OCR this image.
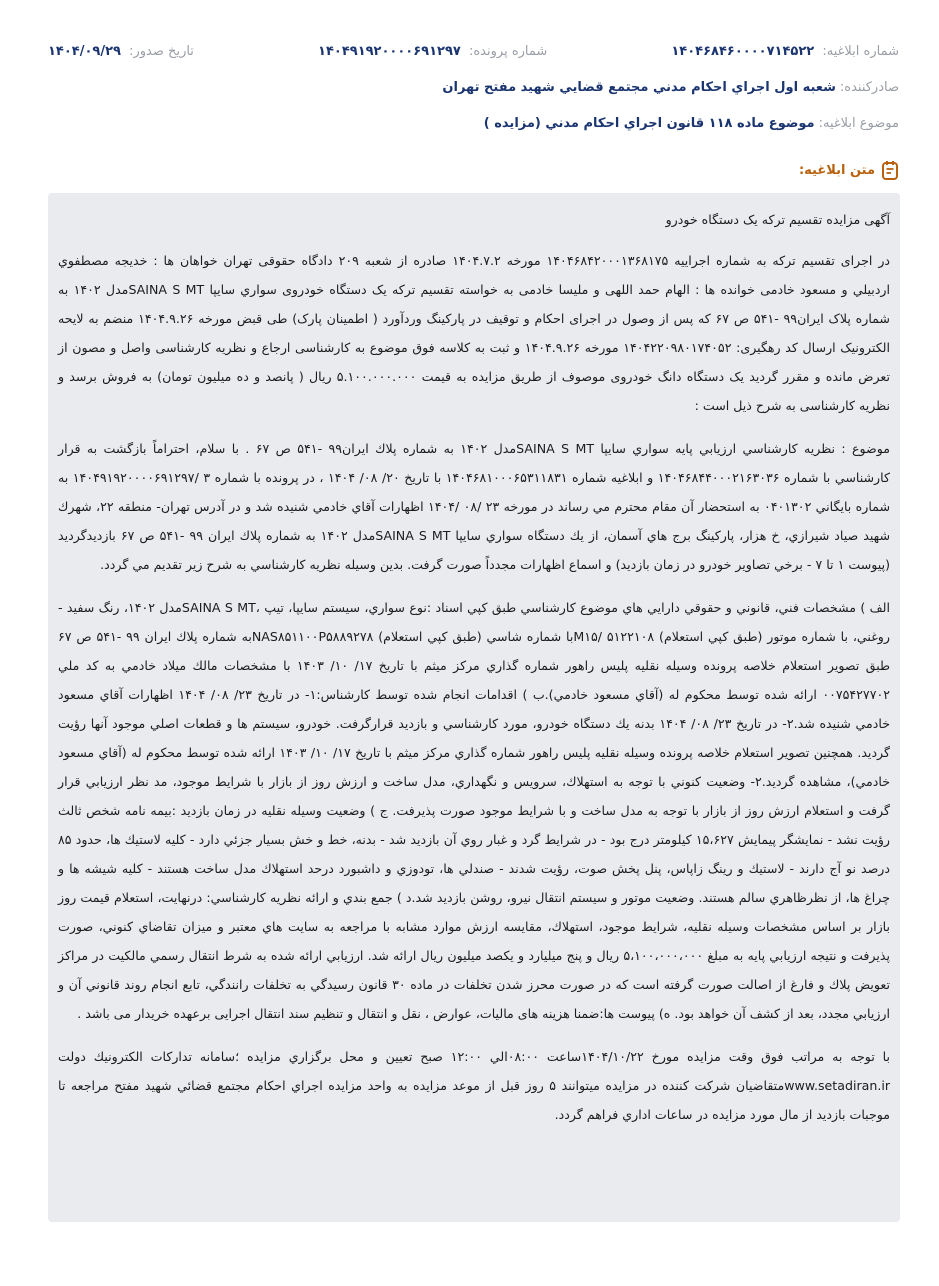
شماره ابلاغیه: ۱۴۰۴۶۸۴۶۰۰۰۰۷۱۴۵۲۲
شماره پرونده: ۱۴۰۴۹۱۹۲۰۰۰۰۶۹۱۲۹۷
تاریخ صدور: ۱۴۰۴/۰۹/۲۹
صادرکننده:
شعبه اول اجراي احكام مدني مجتمع قضايي شهيد مفتح تهران
موضوع ابلاغیه:
موضوع ماده ۱۱۸ قانون اجراي احكام مدني (مزايده )
متن ابلاغیه:

آگهی مزایده تقسیم ترکه یک دستگاه خودرو

در اجرای تقسیم ترکه به شماره اجراییه ۱۴۰۴۶۸۴۲۰۰۰۱۳۶۸۱۷۵ مورخه ۱۴۰۴.۷.۲ صادره از شعبه ۲۰۹ دادگاه حقوقی تهران خواهان ها : خدیجه مصطفوي اردبيلي و مسعود خادمی خوانده ها : الهام حمد اللهی و ملیسا خادمی به خواسته تقسیم ترکه یک دستگاه خودروی سواري سايپا SAINA S MTمدل ۱۴۰۲ به شماره پلاک ایران۹۹ -۵۴۱ ص ۶۷ که پس از وصول در اجرای احکام و توقیف در پارکینگ وردآورد ( اطمینان پارک) طی قبض مورخه ۱۴۰۴.۹.۲۶ منضم به لایحه الکترونیک ارسال کد رهگیری: ۱۴۰۴۲۲۰۹۸۰۱۷۴۰۵۲ مورخه ۱۴۰۴.۹.۲۶ و ثبت به کلاسه فوق موضوع به کارشناسی ارجاع و نظریه کارشناسی واصل و مصون از تعرض مانده و مقرر گردید یک دستگاه دانگ خودروی موصوف از طریق مزایده به قیمت ۵.۱۰۰.۰۰۰.۰۰۰ ریال ( پانصد و ده میلیون تومان) به فروش برسد و نظریه کارشناسی به شرح ذیل است :

موضوع : نظريه كارشناسي ارزيابي پايه سواري سايپا SAINA S MTمدل ۱۴۰۲ به شماره پلاك ايران۹۹ -۵۴۱ ص ۶۷ . با سلام، احتراماً بازگشت به قرار كارشناسي با شماره ۱۴۰۴۶۸۴۴۰۰۰۲۱۶۳۰۳۶ و ابلاغيه شماره ۱۴۰۴۶۸۱۰۰۰۶۵۳۱۱۸۳۱ با تاريخ ۲۰/ ۰۸/ ۱۴۰۴ ، در پرونده با شماره ۳ /۱۴۰۴۹۱۹۲۰۰۰۰۶۹۱۲۹۷ به شماره بايگاني ۰۴۰۱۳۰۲ به استحضار آن مقام محترم مي رساند در مورخه ۲۳ /۰۸ /۱۴۰۴ اظهارات آقاي خادمي شنيده شد و در آدرس تهران- منطقه ۲۲، شهرك شهيد صياد شيرازي، خ هزار، پاركينگ برج هاي آسمان، از يك دستگاه سواري سايپا SAINA S MTمدل ۱۴۰۲ به شماره پلاك ايران ۹۹ -۵۴۱ ص ۶۷ بازديدگرديد (پيوست ۱ تا ۷ - برخي تصاوير خودرو در زمان بازديد) و اسماع اظهارات مجدداً صورت گرفت. بدين وسيله نظريه كارشناسي به شرح زير تقديم مي گردد.

الف ) مشخصات فني، قانوني و حقوقي دارايي هاي موضوع كارشناسي طبق كپي اسناد :نوع سواري، سيستم سايپا، تيپ ،SAINA S MTمدل ۱۴۰۲، رنگ سفيد - روغني، با شماره موتور (طبق كپي استعلام) M۱۵/ ۵۱۲۲۱۰۸با شماره شاسي (طبق كپي استعلام) NAS۸۵۱۱۰۰P۵۸۸۹۲۷۸به شماره پلاك ايران ۹۹ -۵۴۱ ص ۶۷ طبق تصوير استعلام خلاصه پرونده وسيله نقليه پليس راهور شماره گذاري مركز ميثم با تاريخ ۱۷/ ۱۰/ ۱۴۰۳ با مشخصات مالك ميلاد خادمي به كد ملي ۰۰۷۵۴۲۷۷۰۲ ارائه شده توسط محكوم له (آقاي مسعود خادمي).ب ) اقدامات انجام شده توسط كارشناس:۱- در تاريخ ۲۳/ ۰۸/ ۱۴۰۴ اظهارات آقاي مسعود خادمي شنيده شد.۲- در تاريخ ۲۳/ ۰۸/ ۱۴۰۴ بدنه يك دستگاه خودرو، مورد كارشناسي و بازديد قرارگرفت. خودرو، سيستم ها و قطعات اصلي موجود آنها رؤيت گرديد. همچنين تصوير استعلام خلاصه پرونده وسيله نقليه پليس راهور شماره گذاري مركز ميثم با تاريخ ۱۷/ ۱۰/ ۱۴۰۳ ارائه شده توسط محكوم له (آقاي مسعود خادمي)، مشاهده گرديد.۲- وضعيت كنوني با توجه به استهلاك، سرويس و نگهداري، مدل ساخت و ارزش روز از بازار با شرايط موجود، مد نظر ارزيابي قرار گرفت و استعلام ارزش روز از بازار با توجه به مدل ساخت و با شرايط موجود صورت پذيرفت. ج ) وضعيت وسيله نقليه در زمان بازديد :بيمه نامه شخص ثالث رؤيت نشد - نمايشگر پيمايش ۱۵،۶۲۷ كيلومتر درج بود - در شرايط گرد و غبار روي آن بازديد شد - بدنه، خط و خش بسيار جزئي دارد - كليه لاستيك ها، حدود ۸۵ درصد نو آج دارند - لاستيك و رينگ زاپاس، پنل پخش صوت، رؤيت شدند - صندلي ها، تودوزي و داشبورد درحد استهلاك مدل ساخت هستند - كليه شيشه ها و چراغ ها، از نظرظاهري سالم هستند. وضعيت موتور و سيستم انتقال نيرو، روشن بازديد شد.د ) جمع بندي و ارائه نظريه كارشناسي: درنهايت، استعلام قيمت روز بازار بر اساس مشخصات وسيله نقليه، شرايط موجود، استهلاك، مقايسه ارزش موارد مشابه با مراجعه به سايت هاي معتبر و ميزان تقاضاي كنوني، صورت پذيرفت و نتيجه ارزيابي پايه به مبلغ ۵،۱۰۰،۰۰۰،۰۰۰ ريال و پنج ميليارد و يكصد ميليون ريال ارائه شد. ارزيابي ارائه شده به شرط انتقال رسمي مالكيت در مراكز تعويض پلاك و فارغ از اصالت صورت گرفته است كه در صورت محرز شدن تخلفات در ماده ۳۰ قانون رسيدگي به تخلفات رانندگي، تابع انجام روند قانوني آن و ارزيابي مجدد، بعد از كشف آن خواهد بود. ه) پيوست ها:ضمنا هزینه های مالیات، عوارض ، نقل و انتقال و تنظیم سند انتقال اجرایی برعهده خریدار می باشد .

با توجه به مراتب فوق وقت مزايده مورخ ۱۴۰۴/۱۰/۲۲ساعت ۰۸:۰۰الي ۱۲:۰۰ صبح تعيين و محل برگزاري مزايده ؛سامانه تداركات الكترونيك دولت www.setadiran.irمتقاضيان شركت كننده در مزايده ميتوانند ۵ روز قبل از موعد مزايده به واحد مزايده اجراي احكام مجتمع قضائي شهيد مفتح مراجعه تا موجبات بازديد از مال مورد مزايده در ساعات اداري فراهم گردد.
